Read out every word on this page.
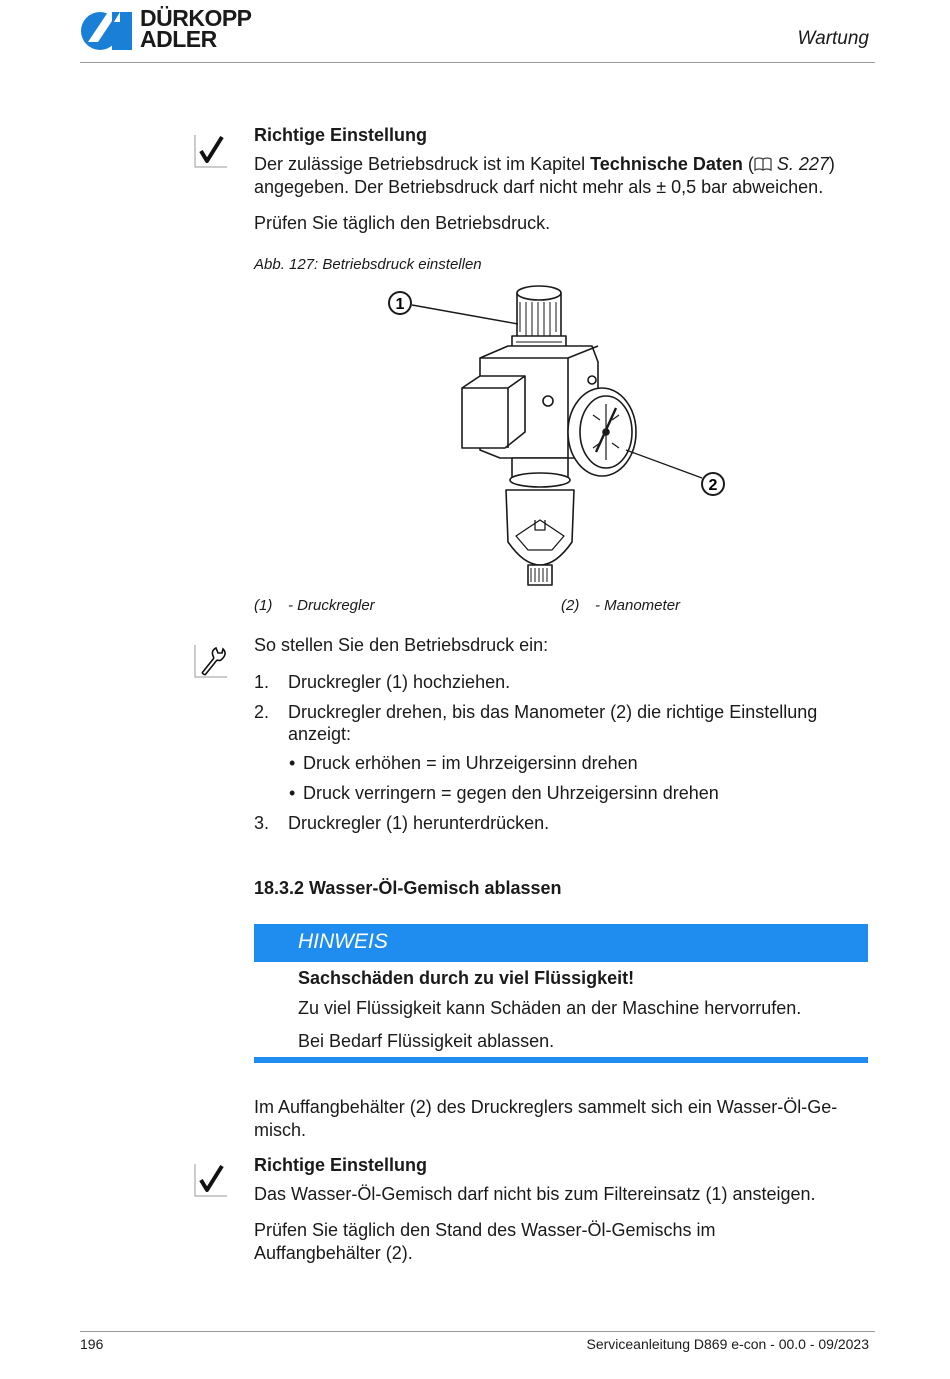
DÜRKOPP
ADLER	Wartung
Richtige Einstellung
Der zulässige Betriebsdruck ist im Kapitel Technische Daten ( S. 227)
angegeben. Der Betriebsdruck darf nicht mehr als ± 0,5 bar abweichen.
Prüfen Sie täglich den Betriebsdruck.
Abb. 127: Betriebsdruck einstellen
1
2
(1) - Druckregler	(2) - Manometer
So stellen Sie den Betriebsdruck ein:
1. Druckregler (1) hochziehen.
2. Druckregler drehen, bis das Manometer (2) die richtige Einstellung
anzeigt:
• Druck erhöhen = im Uhrzeigersinn drehen
• Druck verringern = gegen den Uhrzeigersinn drehen
3. Druckregler (1) herunterdrücken.
18.3.2 Wasser-Öl-Gemisch ablassen
HINWEIS
Sachschäden durch zu viel Flüssigkeit!
Zu viel Flüssigkeit kann Schäden an der Maschine hervorrufen.
Bei Bedarf Flüssigkeit ablassen.
Im Auffangbehälter (2) des Druckreglers sammelt sich ein Wasser-Öl-Ge-
misch.
Richtige Einstellung
Das Wasser-Öl-Gemisch darf nicht bis zum Filtereinsatz (1) ansteigen.
Prüfen Sie täglich den Stand des Wasser-Öl-Gemischs im
Auffangbehälter (2).
196	Serviceanleitung D869 e-con - 00.0 - 09/2023
